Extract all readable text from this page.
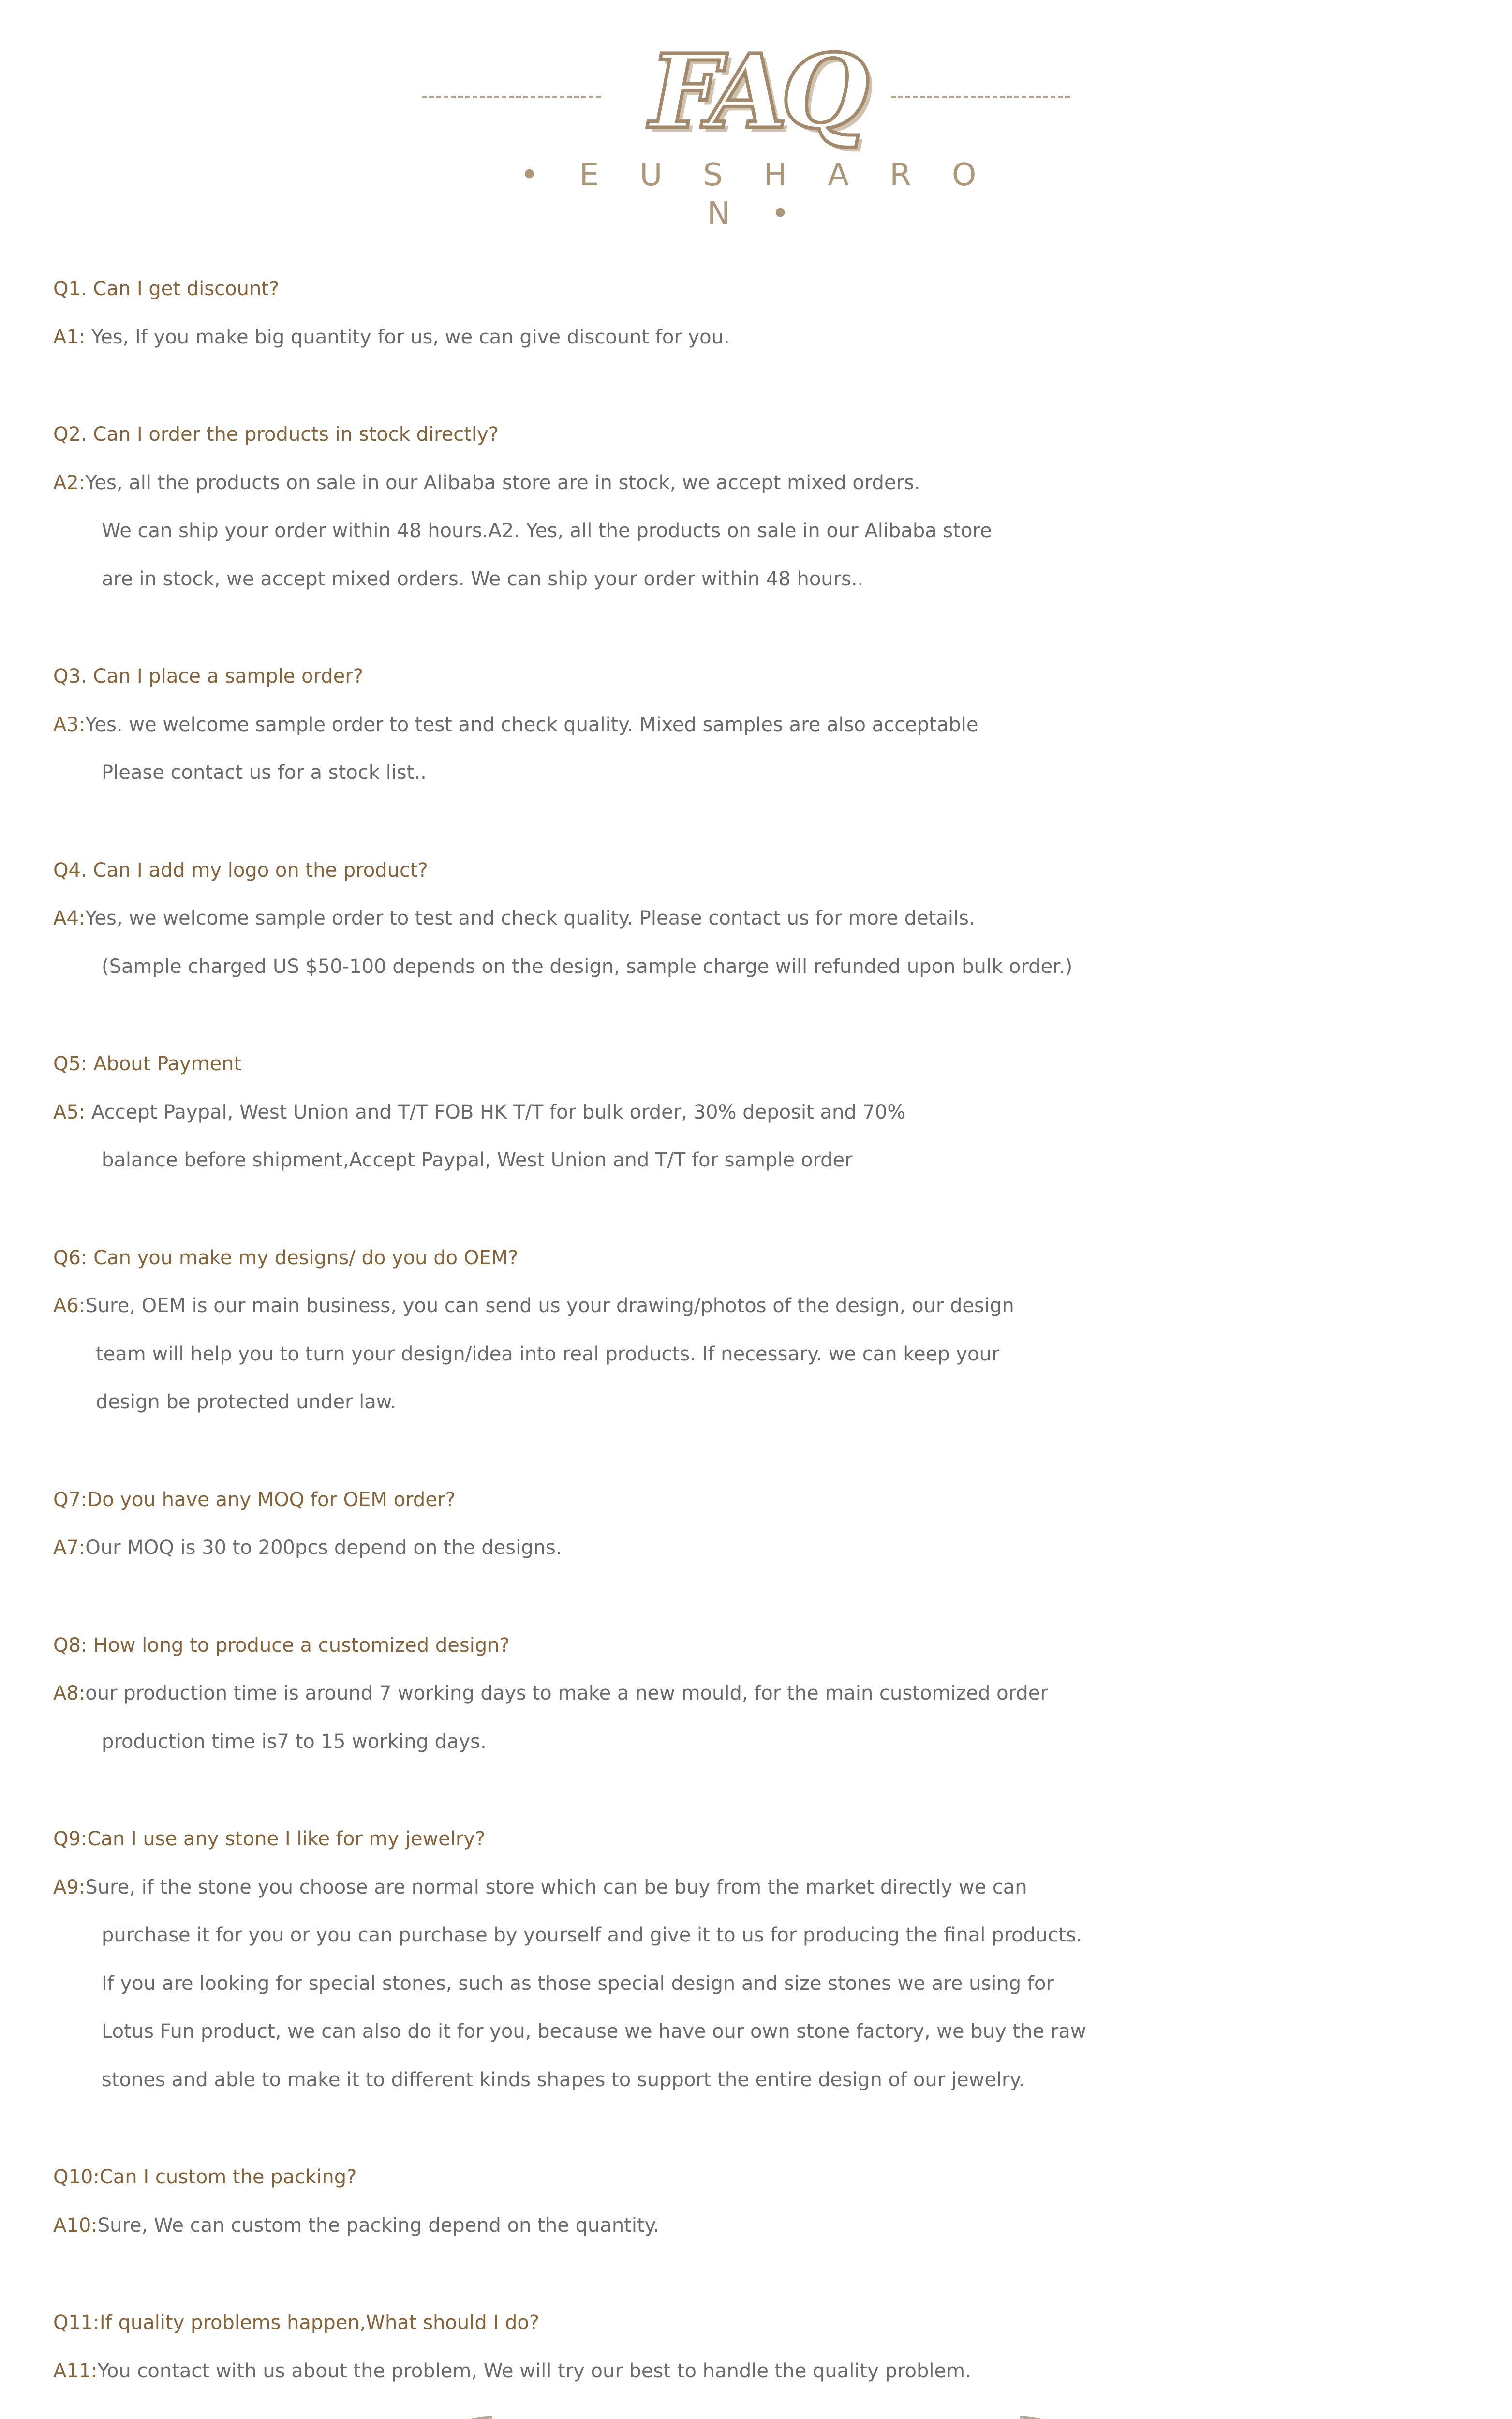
FAQ
• E U S H A R O N •
Q1. Can I get discount?
A1: Yes, If you make big quantity for us, we can give discount for you.
Q2. Can I order the products in stock directly?
A2:Yes, all the products on sale in our Alibaba store are in stock, we accept mixed orders.
We can ship your order within 48 hours.A2. Yes, all the products on sale in our Alibaba store
are in stock, we accept mixed orders. We can ship your order within 48 hours..
Q3. Can I place a sample order?
A3:Yes. we welcome sample order to test and check quality. Mixed samples are also acceptable
Please contact us for a stock list..
Q4. Can I add my logo on the product?
A4:Yes, we welcome sample order to test and check quality. Please contact us for more details.
(Sample charged US $50-100 depends on the design, sample charge will refunded upon bulk order.)
Q5: About Payment
A5: Accept Paypal, West Union and T/T FOB HK T/T for bulk order, 30% deposit and 70%
balance before shipment,Accept Paypal, West Union and T/T for sample order
Q6: Can you make my designs/ do you do OEM?
A6:Sure, OEM is our main business, you can send us your drawing/photos of the design, our design
team will help you to turn your design/idea into real products. If necessary. we can keep your
design be protected under law.
Q7:Do you have any MOQ for OEM order?
A7:Our MOQ is 30 to 200pcs depend on the designs.
Q8: How long to produce a customized design?
A8:our production time is around 7 working days to make a new mould, for the main customized order
production time is7 to 15 working days.
Q9:Can I use any stone I like for my jewelry?
A9:Sure, if the stone you choose are normal store which can be buy from the market directly we can
purchase it for you or you can purchase by yourself and give it to us for producing the final products.
If you are looking for special stones, such as those special design and size stones we are using for
Lotus Fun product, we can also do it for you, because we have our own stone factory, we buy the raw
stones and able to make it to different kinds shapes to support the entire design of our jewelry.
Q10:Can I custom the packing?
A10:Sure, We can custom the packing depend on the quantity.
Q11:If quality problems happen,What should I do?
A11:You contact with us about the problem, We will try our best to handle the quality problem.
